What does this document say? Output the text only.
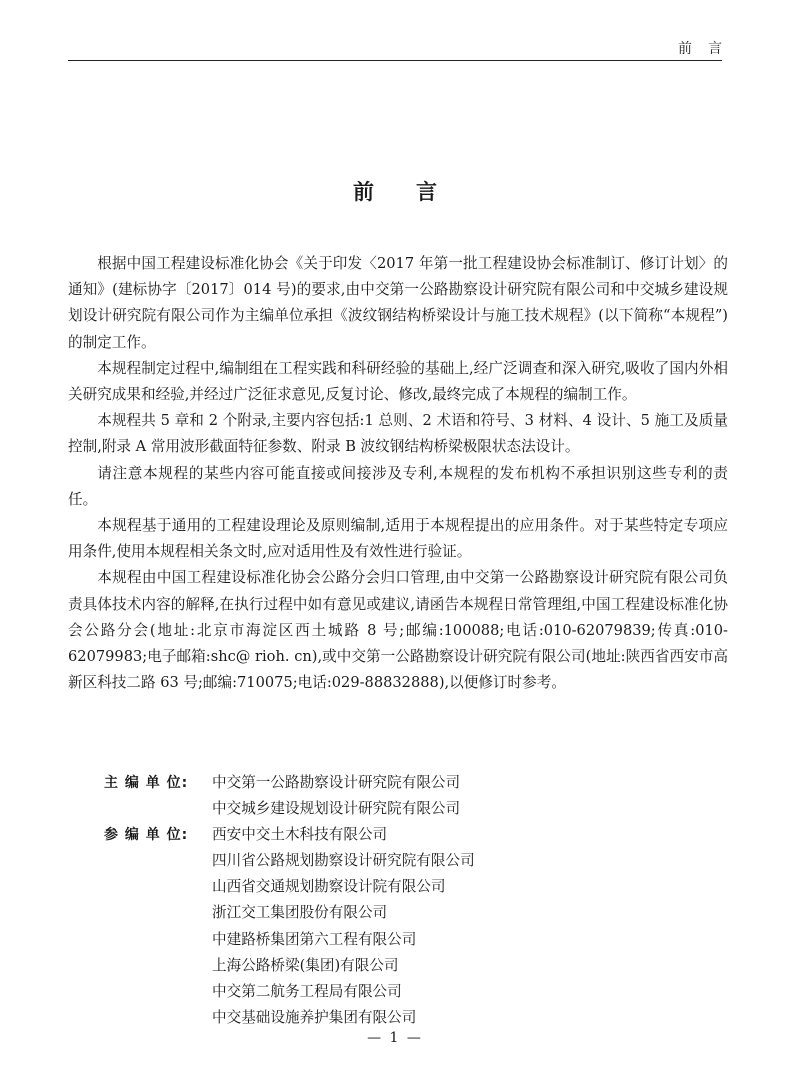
前言
前言

根据中国工程建设标准化协会《关于印发〈2017 年第一批工程建设协会标准制订、修订计划〉的通知》(建标协字〔2017〕014 号)的要求,由中交第一公路勘察设计研究院有限公司和中交城乡建设规划设计研究院有限公司作为主编单位承担《波纹钢结构桥梁设计与施工技术规程》(以下简称“本规程”)的制定工作。

本规程制定过程中,编制组在工程实践和科研经验的基础上,经广泛调查和深入研究,吸收了国内外相关研究成果和经验,并经过广泛征求意见,反复讨论、修改,最终完成了本规程的编制工作。

本规程共 5 章和 2 个附录,主要内容包括:1 总则、2 术语和符号、3 材料、4 设计、5 施工及质量控制,附录 A 常用波形截面特征参数、附录 B 波纹钢结构桥梁极限状态法设计。

请注意本规程的某些内容可能直接或间接涉及专利,本规程的发布机构不承担识别这些专利的责任。

本规程基于通用的工程建设理论及原则编制,适用于本规程提出的应用条件。对于某些特定专项应用条件,使用本规程相关条文时,应对适用性及有效性进行验证。

本规程由中国工程建设标准化协会公路分会归口管理,由中交第一公路勘察设计研究院有限公司负责具体技术内容的解释,在执行过程中如有意见或建议,请函告本规程日常管理组,中国工程建设标准化协会公路分会(地址:北京市海淀区西土城路 8 号;邮编:100088;电话:010-62079839;传真:010-62079983;电子邮箱:shc@ rioh. cn),或中交第一公路勘察设计研究院有限公司(地址:陕西省西安市高新区科技二路 63 号;邮编:710075;电话:029-88832888),以便修订时参考。

主 编 单 位:	中交第一公路勘察设计研究院有限公司
中交城乡建设规划设计研究院有限公司
参 编 单 位:	西安中交土木科技有限公司
四川省公路规划勘察设计研究院有限公司
山西省交通规划勘察设计院有限公司
浙江交工集团股份有限公司
中建路桥集团第六工程有限公司
上海公路桥梁(集团)有限公司
中交第二航务工程局有限公司
中交基础设施养护集团有限公司
— 1 —
